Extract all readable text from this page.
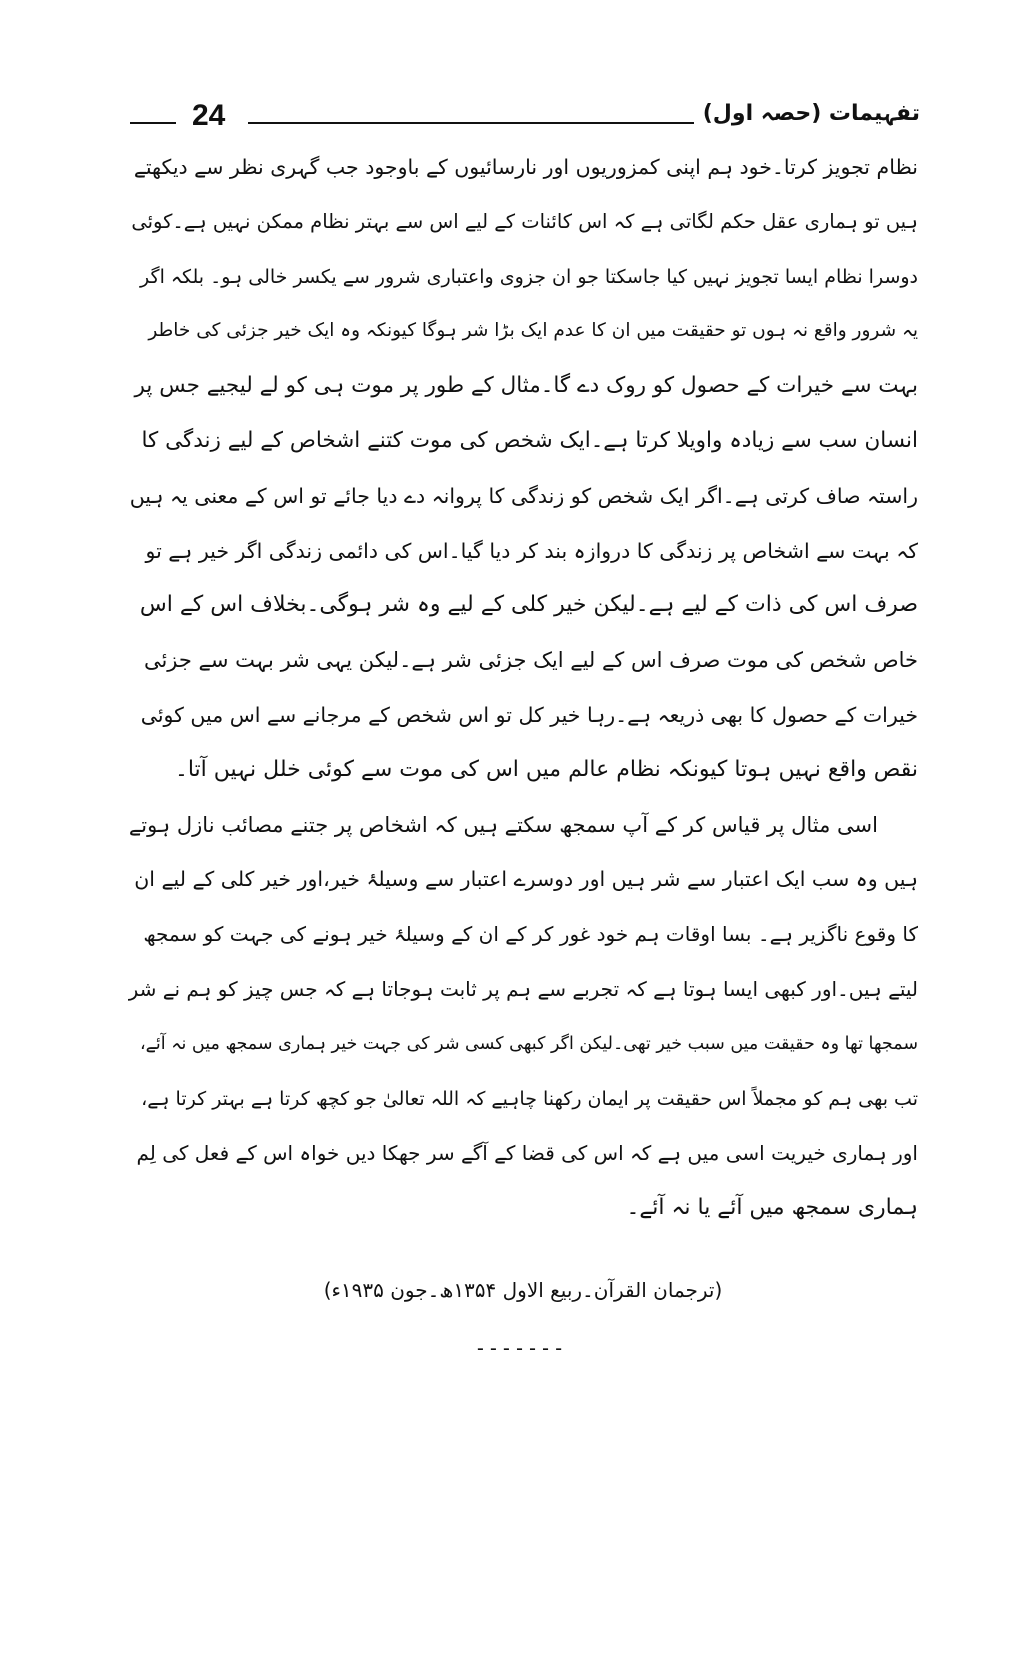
24	تفہیمات (حصہ اول)
نظام تجویز کرتا۔خود ہم اپنی کمزوریوں اور نارسائیوں کے باوجود جب گہری نظر سے دیکھتے
ہیں تو ہماری عقل حکم لگاتی ہے کہ اس کائنات کے لیے اس سے بہتر نظام ممکن نہیں ہے۔کوئی
دوسرا نظام ایسا تجویز نہیں کیا جاسکتا جو ان جزوی واعتباری شرور سے یکسر خالی ہو۔ بلکہ اگر
یہ شرور واقع نہ ہوں تو حقیقت میں ان کا عدم ایک بڑا شر ہوگا کیونکہ وہ ایک خیر جزئی کی خاطر
بہت سے خیرات کے حصول کو روک دے گا۔مثال کے طور پر موت ہی کو لے لیجیے جس پر
انسان سب سے زیادہ واویلا کرتا ہے۔ایک شخص کی موت کتنے اشخاص کے لیے زندگی کا
راستہ صاف کرتی ہے۔اگر ایک شخص کو زندگی کا پروانہ دے دیا جائے تو اس کے معنی یہ ہیں
کہ بہت سے اشخاص پر زندگی کا دروازہ بند کر دیا گیا۔اس کی دائمی زندگی اگر خیر ہے تو
صرف اس کی ذات کے لیے ہے۔لیکن خیر کلی کے لیے وہ شر ہوگی۔بخلاف اس کے اس
خاص شخص کی موت صرف اس کے لیے ایک جزئی شر ہے۔لیکن یہی شر بہت سے جزئی
خیرات کے حصول کا بھی ذریعہ ہے۔رہا خیر کل تو اس شخص کے مرجانے سے اس میں کوئی
نقص واقع نہیں ہوتا کیونکہ نظام عالم میں اس کی موت سے کوئی خلل نہیں آتا۔
اسی مثال پر قیاس کر کے آپ سمجھ سکتے ہیں کہ اشخاص پر جتنے مصائب نازل ہوتے
ہیں وہ سب ایک اعتبار سے شر ہیں اور دوسرے اعتبار سے وسیلۂ خیر،اور خیر کلی کے لیے ان
کا وقوع ناگزیر ہے۔ بسا اوقات ہم خود غور کر کے ان کے وسیلۂ خیر ہونے کی جہت کو سمجھ
لیتے ہیں۔اور کبھی ایسا ہوتا ہے کہ تجربے سے ہم پر ثابت ہوجاتا ہے کہ جس چیز کو ہم نے شر
سمجھا تھا وہ حقیقت میں سبب خیر تھی۔لیکن اگر کبھی کسی شر کی جہت خیر ہماری سمجھ میں نہ آئے،
تب بھی ہم کو مجملاً اس حقیقت پر ایمان رکھنا چاہیے کہ اللہ تعالیٰ جو کچھ کرتا ہے بہتر کرتا ہے،
اور ہماری خیریت اسی میں ہے کہ اس کی قضا کے آگے سر جھکا دیں خواہ اس کے فعل کی لِم
ہماری سمجھ میں آئے یا نہ آئے۔
(ترجمان القرآن۔ربیع الاول ۱۳۵۴ھ۔جون ۱۹۳۵ء)
-------
